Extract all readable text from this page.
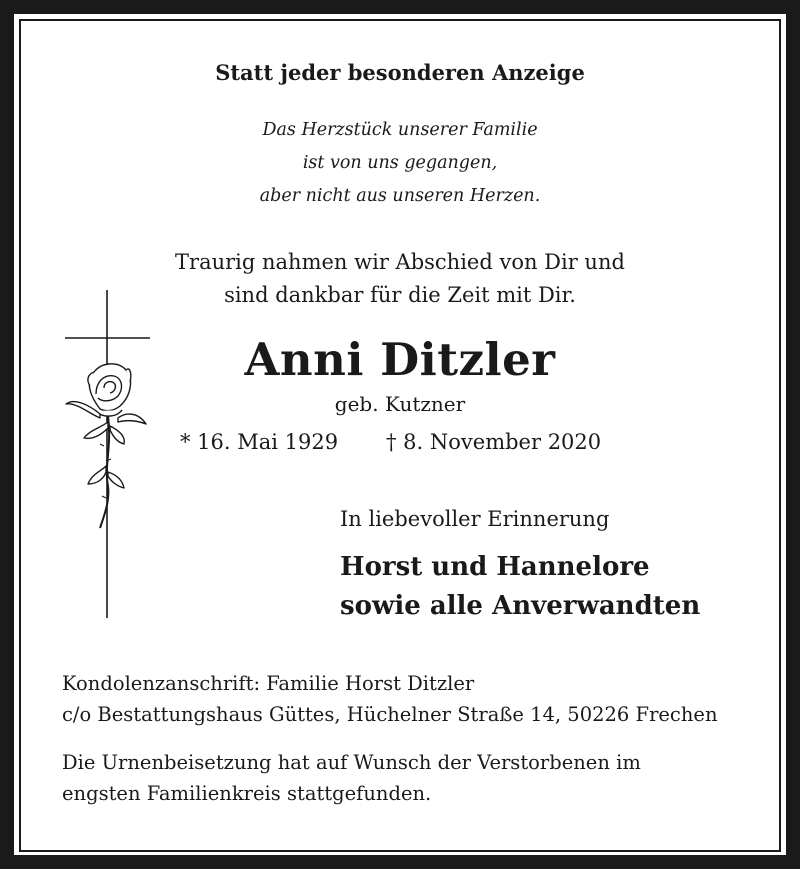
Statt jeder besonderen Anzeige
Das Herzstück unserer Familie
ist von uns gegangen,
aber nicht aus unseren Herzen.
Traurig nahmen wir Abschied von Dir und
sind dankbar für die Zeit mit Dir.
Anni Ditzler
geb. Kutzner
* 16. Mai 1929 † 8. November 2020
In liebevoller Erinnerung
Horst und Hannelore
sowie alle Anverwandten
Kondolenzanschrift: Familie Horst Ditzler
c/o Bestattungshaus Güttes, Hüchelner Straße 14, 50226 Frechen
Die Urnenbeisetzung hat auf Wunsch der Verstorbenen im
engsten Familienkreis stattgefunden.
